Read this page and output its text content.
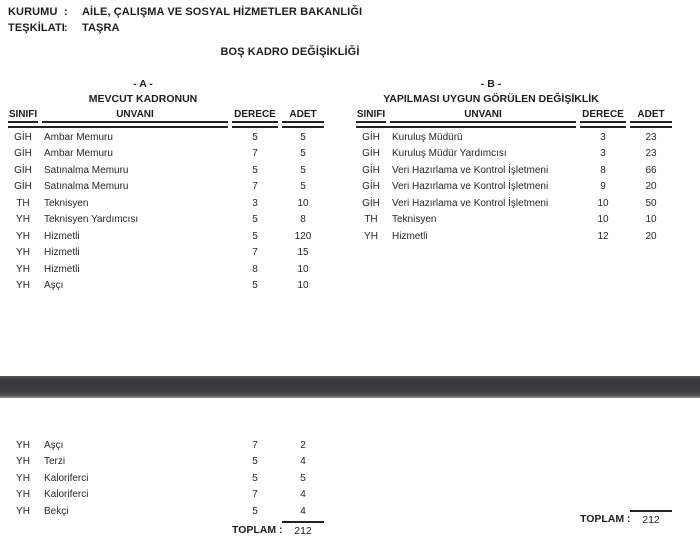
KURUMU : AİLE, ÇALIŞMA VE SOSYAL HİZMETLER BAKANLIĞI
TEŞKİLATI : TAŞRA
BOŞ KADRO DEĞİŞİKLİĞİ
- A -
MEVCUT KADRONUN
SINIFI	UNVANI	DERECE	ADET
GİH	Ambar Memuru	5	5
GİH	Ambar Memuru	7	5
GİH	Satınalma Memuru	5	5
GİH	Satınalma Memuru	7	5
TH	Teknisyen	3	10
YH	Teknisyen Yardımcısı	5	8
YH	Hizmetli	5	120
YH	Hizmetli	7	15
YH	Hizmetli	8	10
YH	Aşçı	5	10
- B -
YAPILMASI UYGUN GÖRÜLEN DEĞİŞİKLİK
SINIFI	UNVANI	DERECE	ADET
GİH	Kuruluş Müdürü	3	23
GİH	Kuruluş Müdür Yardımcısı	3	23
GİH	Veri Hazırlama ve Kontrol İşletmeni	8	66
GİH	Veri Hazırlama ve Kontrol İşletmeni	9	20
GİH	Veri Hazırlama ve Kontrol İşletmeni	10	50
TH	Teknisyen	10	10
YH	Hizmetli	12	20
YH	Aşçı	7	2
YH	Terzi	5	4
YH	Kaloriferci	5	5
YH	Kaloriferci	7	4
YH	Bekçi	5	4
TOPLAM :	212
TOPLAM :	212
